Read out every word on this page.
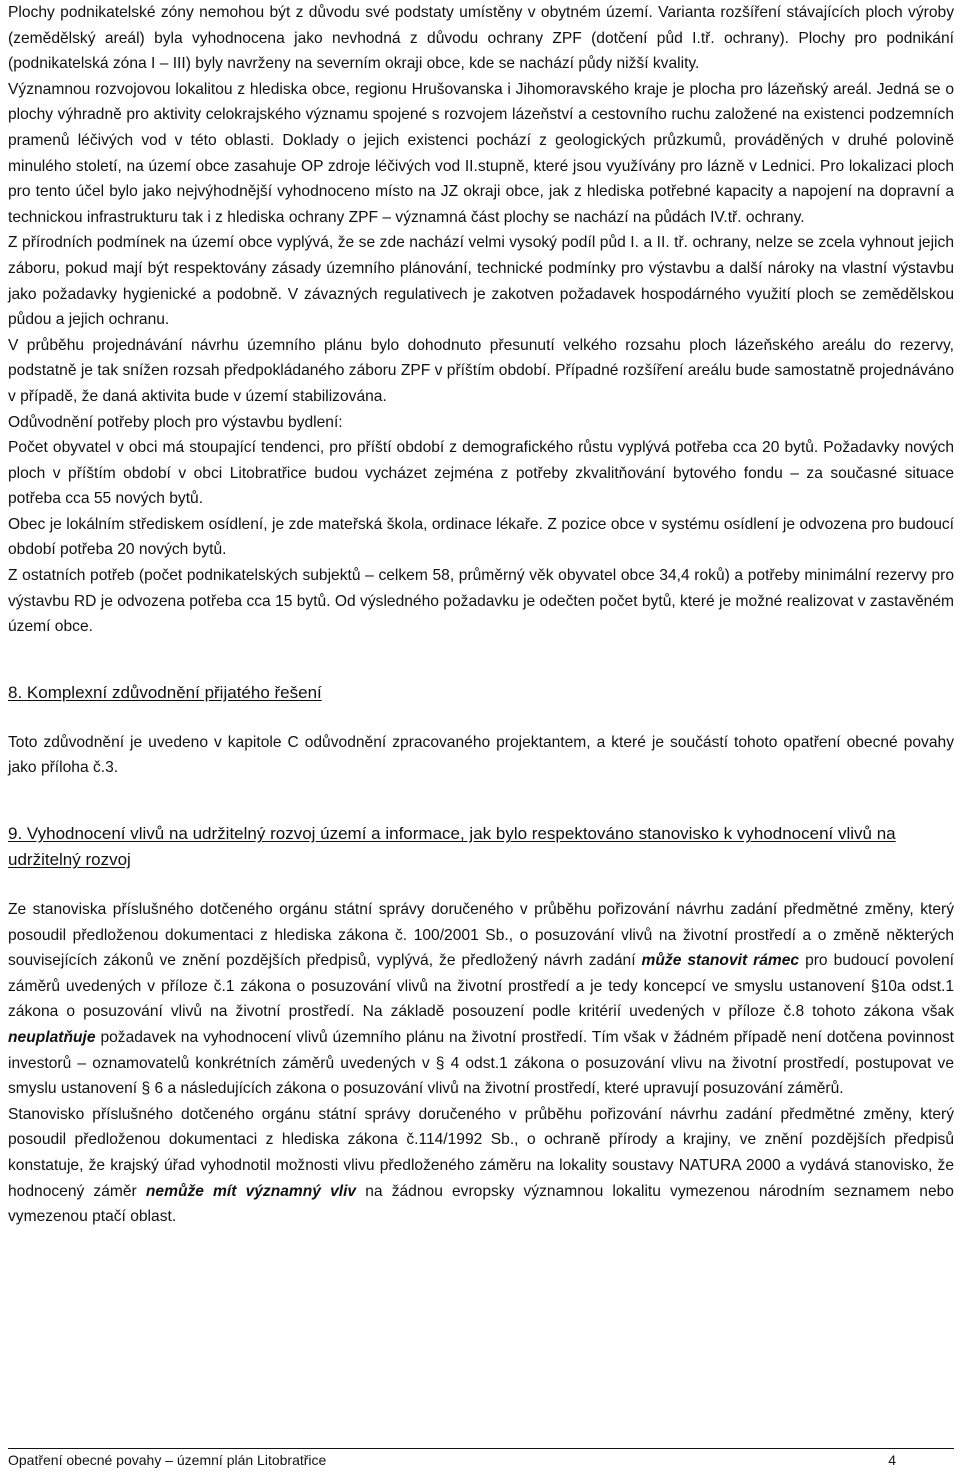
Plochy podnikatelské zóny nemohou být z důvodu své podstaty umístěny v obytném území. Varianta rozšíření stávajících ploch výroby (zemědělský areál) byla vyhodnocena jako nevhodná z důvodu ochrany ZPF (dotčení půd I.tř. ochrany). Plochy pro podnikání (podnikatelská zóna I – III) byly navrženy na severním okraji obce, kde se nachází půdy nižší kvality.

Významnou rozvojovou lokalitou z hlediska obce, regionu Hrušovanska i Jihomoravského kraje je plocha pro lázeňský areál. Jedná se o plochy výhradně pro aktivity celokrajského významu spojené s rozvojem lázeňství a cestovního ruchu založené na existenci podzemních pramenů léčivých vod v této oblasti. Doklady o jejich existenci pochází z geologických průzkumů, prováděných v druhé polovině minulého století, na území obce zasahuje OP zdroje léčivých vod II.stupně, které jsou využívány pro lázně v Lednici. Pro lokalizaci ploch pro tento účel bylo jako nejvýhodnější vyhodnoceno místo na JZ okraji obce, jak z hlediska potřebné kapacity a napojení na dopravní a technickou infrastrukturu tak i z hlediska ochrany ZPF – významná část plochy se nachází na půdách IV.tř. ochrany.

Z přírodních podmínek na území obce vyplývá, že se zde nachází velmi vysoký podíl půd I. a II. tř. ochrany, nelze se zcela vyhnout jejich záboru, pokud mají být respektovány zásady územního plánování, technické podmínky pro výstavbu a další nároky na vlastní výstavbu jako požadavky hygienické a podobně. V závazných regulativech je zakotven požadavek hospodárného využití ploch se zemědělskou půdou a jejich ochranu.

V průběhu projednávání návrhu územního plánu bylo dohodnuto přesunutí velkého rozsahu ploch lázeňského areálu do rezervy, podstatně je tak snížen rozsah předpokládaného záboru ZPF v příštím období. Případné rozšíření areálu bude samostatně projednáváno v případě, že daná aktivita bude v území stabilizována.

Odůvodnění potřeby ploch pro výstavbu bydlení:

Počet obyvatel v obci má stoupající tendenci, pro příští období z demografického růstu vyplývá potřeba cca 20 bytů. Požadavky nových ploch v příštím období v obci Litobratřice budou vycházet zejména z potřeby zkvalitňování bytového fondu – za současné situace potřeba cca 55 nových bytů.

Obec je lokálním střediskem osídlení, je zde mateřská škola, ordinace lékaře. Z pozice obce v systému osídlení je odvozena pro budoucí období potřeba 20 nových bytů.

Z ostatních potřeb (počet podnikatelských subjektů – celkem 58, průměrný věk obyvatel obce 34,4 roků) a potřeby minimální rezervy pro výstavbu RD je odvozena potřeba cca 15 bytů. Od výsledného požadavku je odečten počet bytů, které je možné realizovat v zastavěném území obce.

8. Komplexní zdůvodnění přijatého řešení

Toto zdůvodnění je uvedeno v kapitole C odůvodnění zpracovaného projektantem, a které je součástí tohoto opatření obecné povahy jako příloha č.3.

9. Vyhodnocení vlivů na udržitelný rozvoj území a informace, jak bylo respektováno stanovisko k vyhodnocení vlivů na udržitelný rozvoj

Ze stanoviska příslušného dotčeného orgánu státní správy doručeného v průběhu pořizování návrhu zadání předmětné změny, který posoudil předloženou dokumentaci z hlediska zákona č. 100/2001 Sb., o posuzování vlivů na životní prostředí a o změně některých souvisejících zákonů ve znění pozdějších předpisů, vyplývá, že předložený návrh zadání může stanovit rámec pro budoucí povolení záměrů uvedených v příloze č.1 zákona o posuzování vlivů na životní prostředí a je tedy koncepcí ve smyslu ustanovení §10a odst.1 zákona o posuzování vlivů na životní prostředí. Na základě posouzení podle kritérií uvedených v příloze č.8 tohoto zákona však neuplatňuje požadavek na vyhodnocení vlivů územního plánu na životní prostředí. Tím však v žádném případě není dotčena povinnost investorů – oznamovatelů konkrétních záměrů uvedených v § 4 odst.1 zákona o posuzování vlivu na životní prostředí, postupovat ve smyslu ustanovení § 6 a následujících zákona o posuzování vlivů na životní prostředí, které upravují posuzování záměrů.

Stanovisko příslušného dotčeného orgánu státní správy doručeného v průběhu pořizování návrhu zadání předmětné změny, který posoudil předloženou dokumentaci z hlediska zákona č.114/1992 Sb., o ochraně přírody a krajiny, ve znění pozdějších předpisů konstatuje, že krajský úřad vyhodnotil možnosti vlivu předloženého záměru na lokality soustavy NATURA 2000 a vydává stanovisko, že hodnocený záměr nemůže mít významný vliv na žádnou evropsky významnou lokalitu vymezenou národním seznamem nebo vymezenou ptačí oblast.

Opatření obecné povahy – územní plán Litobratřice	4
